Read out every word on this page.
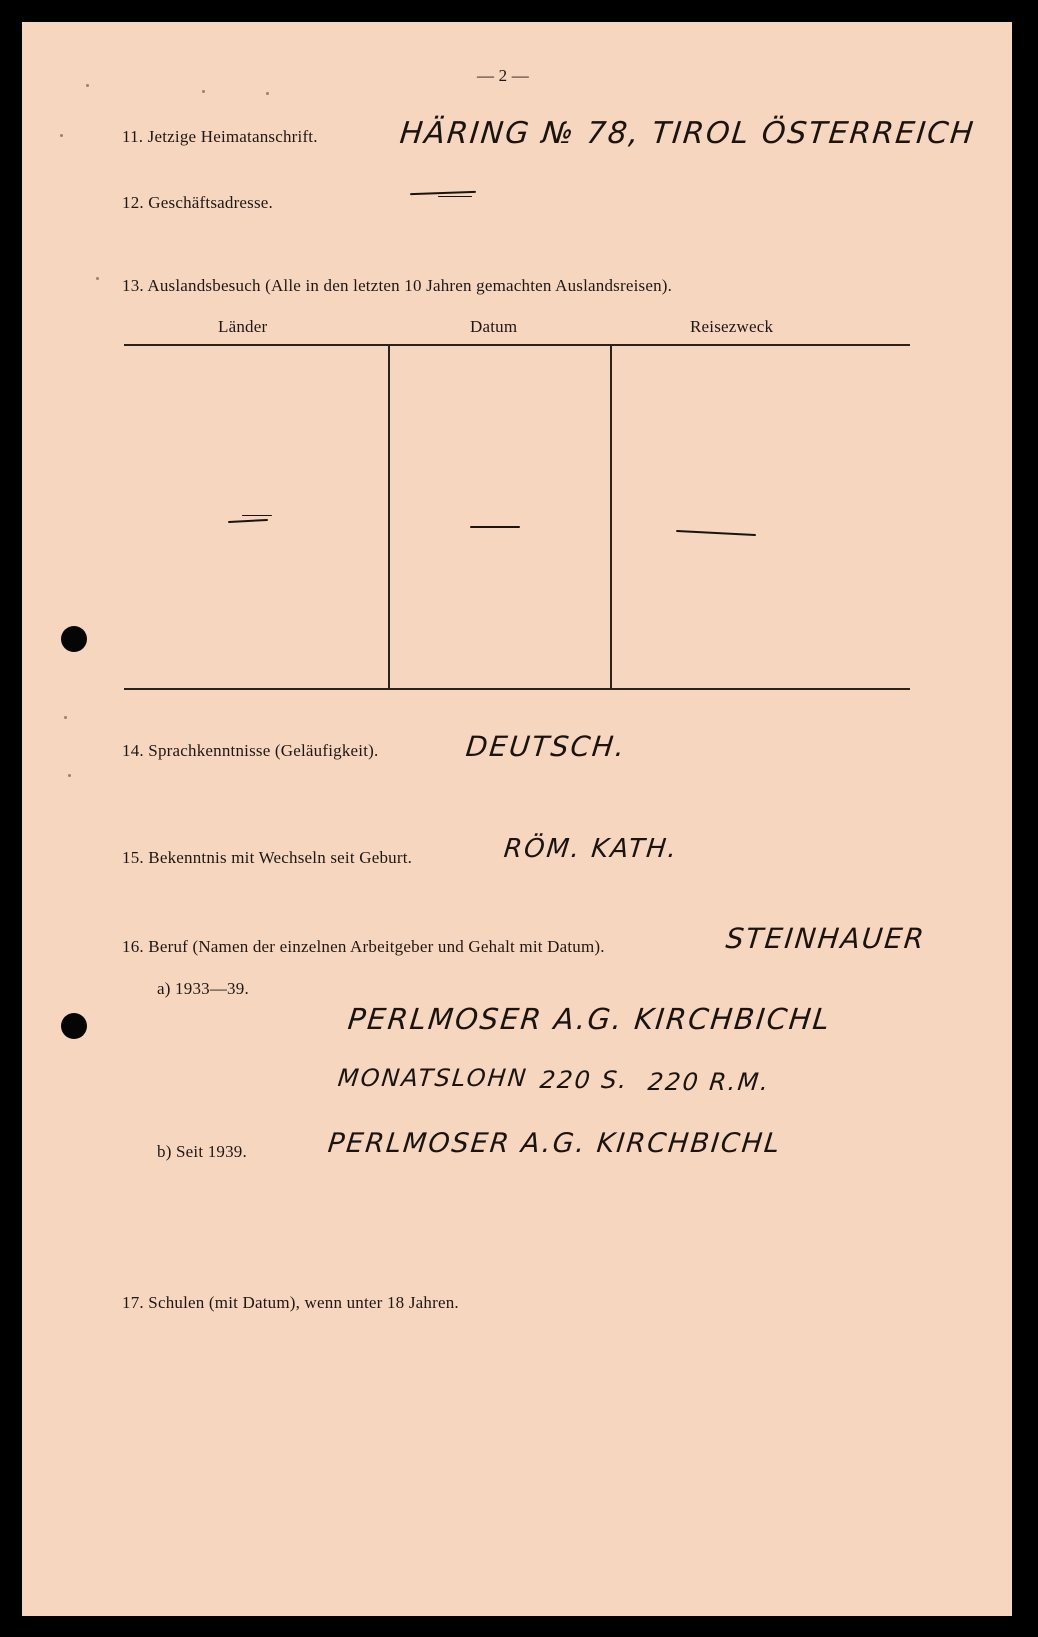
— 2 —
11. Jetzige Heimatanschrift.	HÄRING № 78, TIROL ÖSTERREICH
12. Geschäftsadresse.
13. Auslandsbesuch (Alle in den letzten 10 Jahren gemachten Auslandsreisen).
Länder	Datum	Reisezweck
14. Sprachkenntnisse (Geläufigkeit).	DEUTSCH.
15. Bekenntnis mit Wechseln seit Geburt.	RÖM. KATH.
16. Beruf (Namen der einzelnen Arbeitgeber und Gehalt mit Datum).	STEINHAUER
a) 1933—39.
PERLMOSER A.G. KIRCHBICHL
MONATSLOHN 220 S. 220 R.M.
b) Seit 1939.	PERLMOSER A.G. KIRCHBICHL
17. Schulen (mit Datum), wenn unter 18 Jahren.
